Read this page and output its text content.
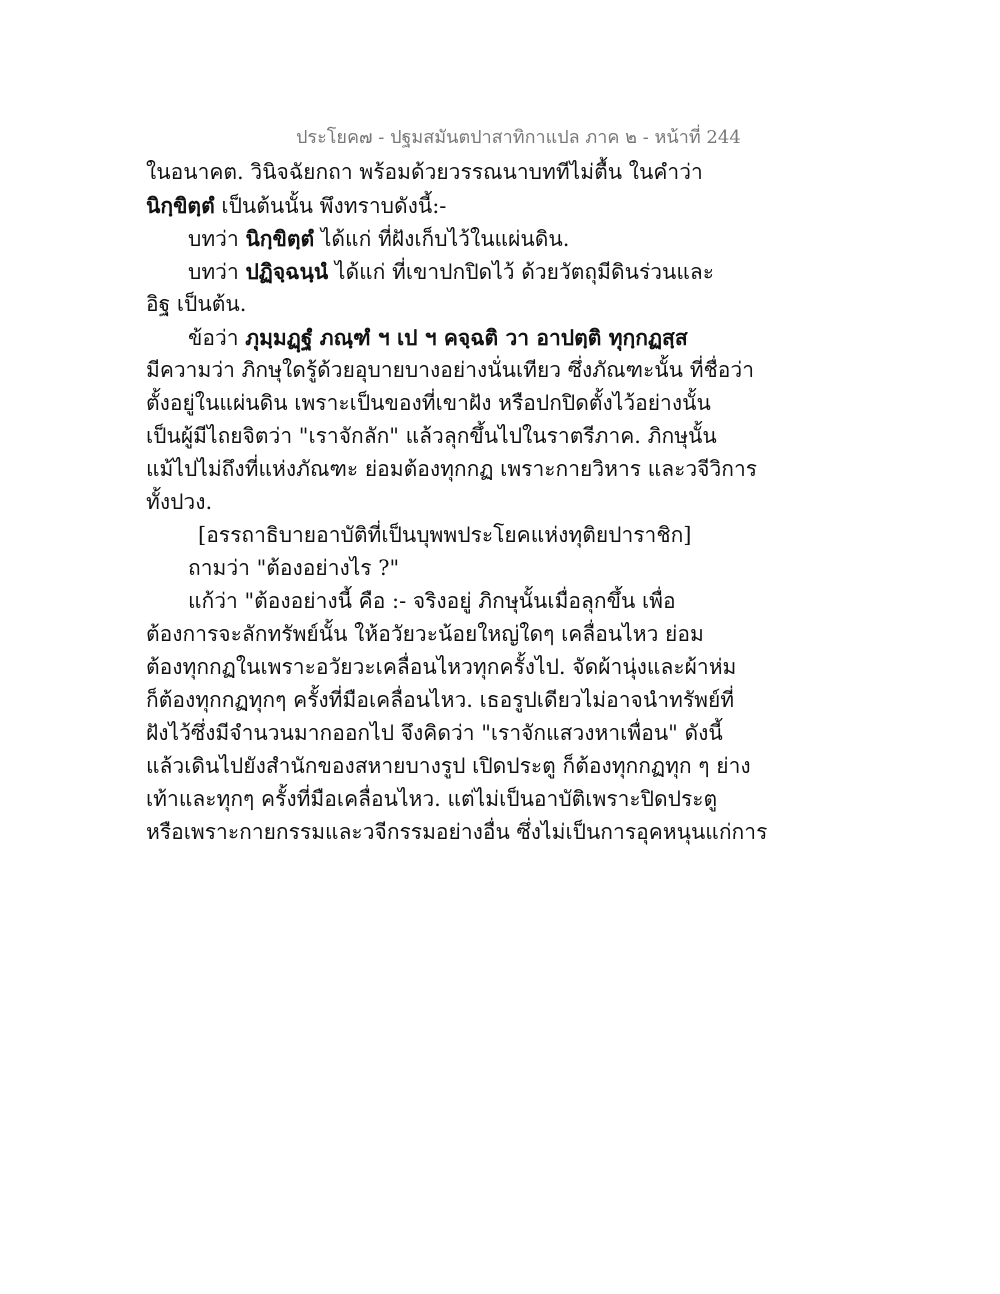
ประโยค๗ - ปฐมสมันตปาสาทิกาแปล ภาค ๒ - หน้าที่ 244
ในอนาคต. วินิจฉัยกถา พร้อมด้วยวรรณนาบททีไม่ตื้น ในคำว่า
นิกฺขิตฺตํ เป็นต้นนั้น พึงทราบดังนี้:-
บทว่า นิกฺขิตฺตํ ได้แก่ ที่ฝังเก็บไว้ในแผ่นดิน.
บทว่า ปฏิจฺฉนฺนํ ได้แก่ ที่เขาปกปิดไว้ ด้วยวัตถุมีดินร่วนและ
อิฐ เป็นต้น.
ข้อว่า ภุมฺมฏฺฐํ ภณฺฑํ ฯ เป ฯ คจฺฉติ วา อาปตฺติ ทุกฺกฏสฺส
มีความว่า ภิกษุใดรู้ด้วยอุบายบางอย่างนั่นเทียว ซึ่งภัณฑะนั้น ที่ชื่อว่า
ตั้งอยู่ในแผ่นดิน เพราะเป็นของที่เขาฝัง หรือปกปิดตั้งไว้อย่างนั้น
เป็นผู้มีไถยจิตว่า "เราจักลัก" แล้วลุกขึ้นไปในราตรีภาค. ภิกษุนั้น
แม้ไปไม่ถึงที่แห่งภัณฑะ ย่อมต้องทุกกฏ เพราะกายวิหาร และวจีวิการ
ทั้งปวง.
[อรรถาธิบายอาบัติที่เป็นบุพพประโยคแห่งทุติยปาราชิก]
ถามว่า "ต้องอย่างไร ?"
แก้ว่า "ต้องอย่างนี้ คือ :- จริงอยู่ ภิกษุนั้นเมื่อลุกขึ้น เพื่อ
ต้องการจะลักทรัพย์นั้น ให้อวัยวะน้อยใหญ่ใดๆ เคลื่อนไหว ย่อม
ต้องทุกกฏในเพราะอวัยวะเคลื่อนไหวทุกครั้งไป. จัดผ้านุ่งและผ้าห่ม
ก็ต้องทุกกฏทุกๆ ครั้งที่มือเคลื่อนไหว. เธอรูปเดียวไม่อาจนำทรัพย์ที่
ฝังไว้ซึ่งมีจำนวนมากออกไป จึงคิดว่า "เราจักแสวงหาเพื่อน" ดังนี้
แล้วเดินไปยังสำนักของสหายบางรูป เปิดประตู ก็ต้องทุกกฏทุก ๆ ย่าง
เท้าและทุกๆ ครั้งที่มือเคลื่อนไหว. แต่ไม่เป็นอาบัติเพราะปิดประตู
หรือเพราะกายกรรมและวจีกรรมอย่างอื่น ซึ่งไม่เป็นการอุคหนุนแก่การ
